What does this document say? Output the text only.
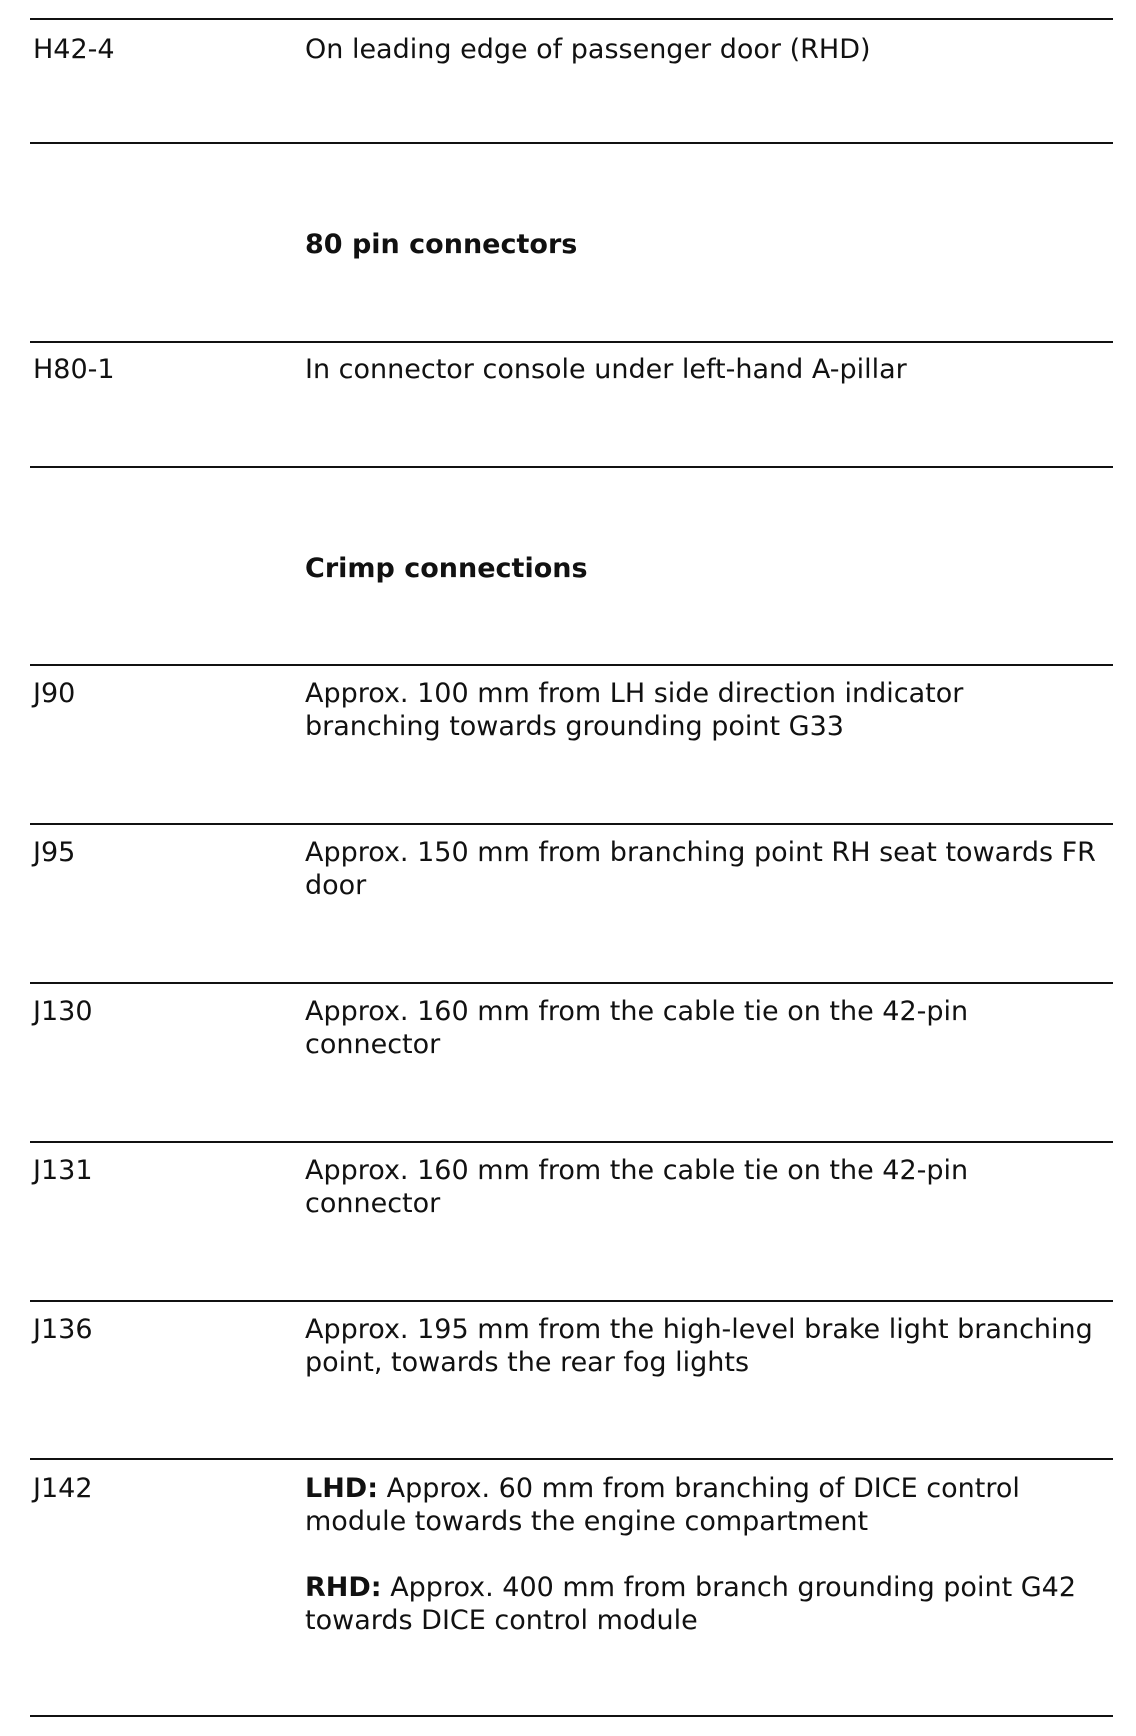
H42-4	On leading edge of passenger door (RHD)
80 pin connectors
H80-1	In connector console under left-hand A-pillar
Crimp connections
J90	Approx. 100 mm from LH side direction indicator branching towards grounding point G33
J95	Approx. 150 mm from branching point RH seat towards FR door
J130	Approx. 160 mm from the cable tie on the 42-pin connector
J131	Approx. 160 mm from the cable tie on the 42-pin connector
J136	Approx. 195 mm from the high-level brake light branching point, towards the rear fog lights
J142	LHD: Approx. 60 mm from branching of DICE control module towards the engine compartment

RHD: Approx. 400 mm from branch grounding point G42 towards DICE control module
